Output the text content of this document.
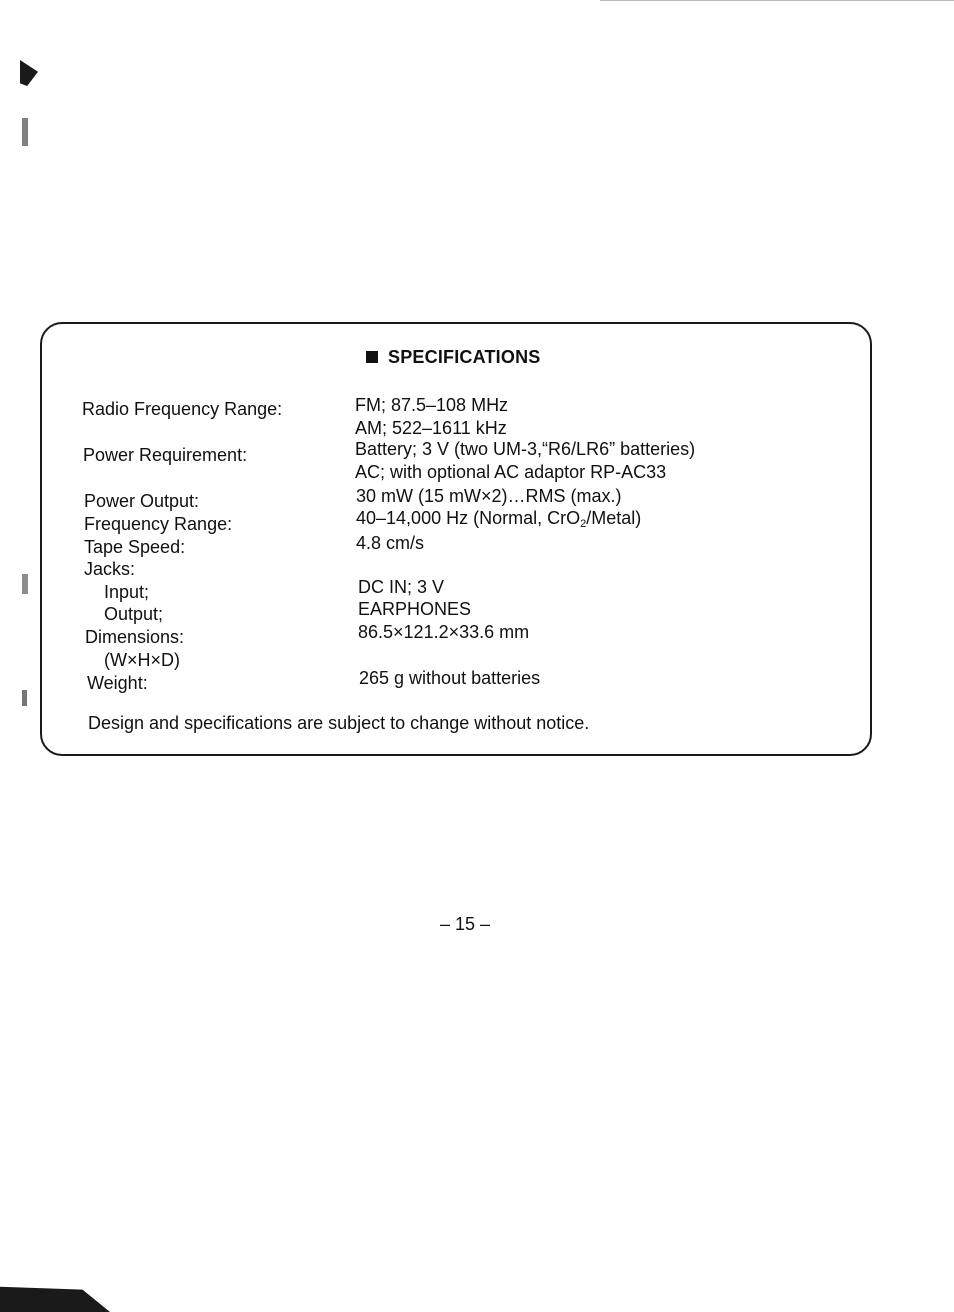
SPECIFICATIONS
Radio Frequency Range:	FM; 87.5–108 MHz
AM; 522–1611 kHz
Power Requirement:	Battery; 3 V (two UM-3,“R6/LR6” batteries)
AC; with optional AC adaptor RP-AC33
Power Output:	30 mW (15 mW×2)…RMS (max.)
Frequency Range:	40–14,000 Hz (Normal, CrO$_2$/Metal)
Tape Speed:	4.8 cm/s
Jacks:
Input;	DC IN; 3 V
Output;	EARPHONES
Dimensions:	86.5×121.2×33.6 mm
(W×H×D)
Weight:	265 g without batteries
Design and specifications are subject to change without notice.
– 15 –
